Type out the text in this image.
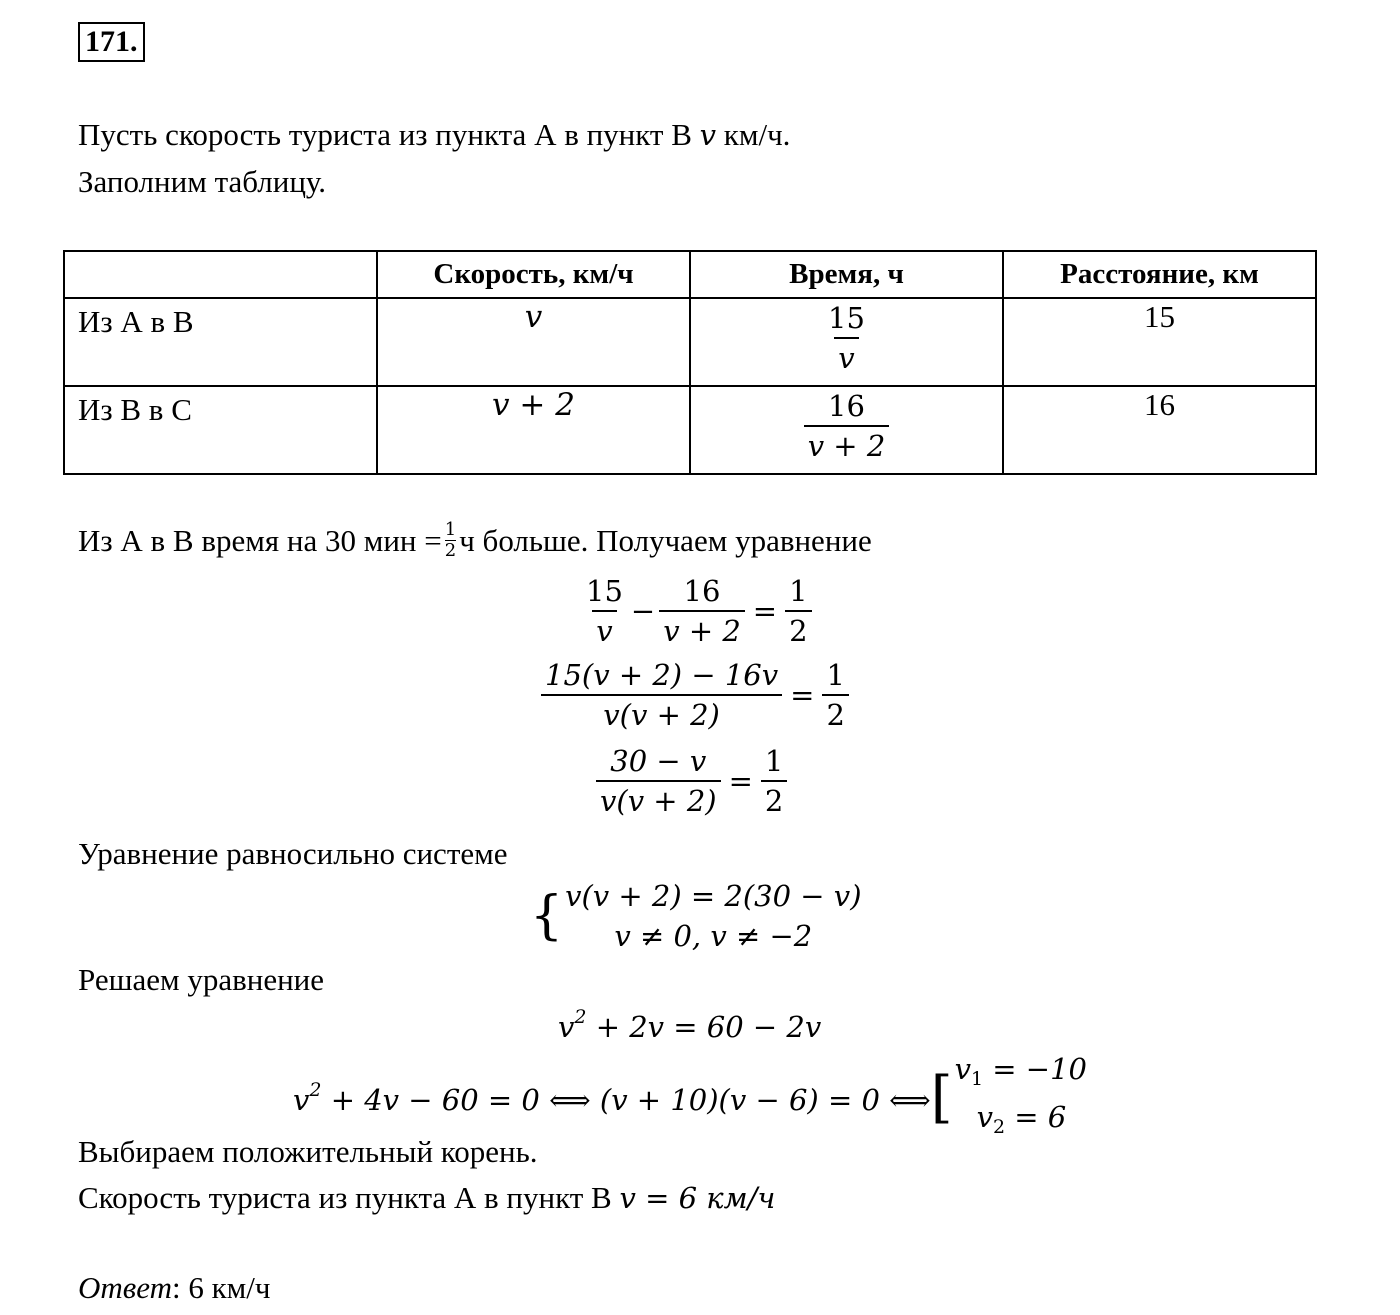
171.
Пусть скорость туриста из пункта А в пункт В v км/ч.
Заполним таблицу.
	Скорость, км/ч	Время, ч	Расстояние, км
Из А в В	v	$\frac{15}{v}$	15
Из В в С	v + 2	$\frac{16}{v + 2}$	16
Из А в В время на 30 мин = $\frac{1}{2}$ ч больше. Получаем уравнение
$\frac{15}{v} - \frac{16}{v + 2} = \frac{1}{2}$
$\frac{15(v + 2) - 16v}{v(v + 2)} = \frac{1}{2}$
$\frac{30 - v}{v(v + 2)} = \frac{1}{2}$
Уравнение равносильно системе
{ v(v + 2) = 2(30 − v)
v ≠ 0, v ≠ −2
Решаем уравнение
$v^2 + 2v = 60 - 2v$
$v^2 + 4v - 60 = 0$ ⟺ (v + 10)(v − 6) = 0 ⟺ [ $v_1 = -10$
$v_2 = 6$
Выбираем положительный корень.
Скорость туриста из пункта А в пункт В v = 6 км/ч
Ответ: 6 км/ч
